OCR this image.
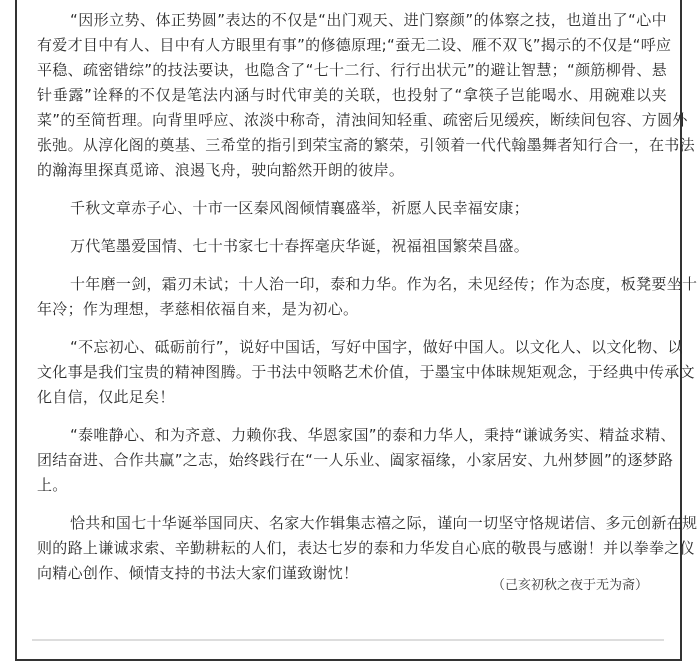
“因形立势、体正势圆”表达的不仅是“出门观天、进门察颜”的体察之技，也道出了“心中
有爱才目中有人、目中有人方眼里有事”的修德原理;“蚕无二设、雁不双飞”揭示的不仅是“呼应
平稳、疏密错综”的技法要诀，也隐含了“七十二行、行行出状元”的避让智慧；“颜筋柳骨、悬
针垂露”诠释的不仅是笔法内涵与时代审美的关联，也投射了“拿筷子岂能喝水、用碗难以夹
菜”的至简哲理。向背里呼应、浓淡中称奇，清浊间知轻重、疏密后见缓疾，断续间包容、方圆外
张弛。从淳化阁的奠基、三希堂的指引到荣宝斋的繁荣，引领着一代代翰墨舞者知行合一，在书法
的瀚海里探真觅谛、浪遏飞舟，驶向豁然开朗的彼岸。
千秋文章赤子心、十市一区秦风阁倾情襄盛举，祈愿人民幸福安康；
万代笔墨爱国情、七十书家七十春挥毫庆华诞，祝福祖国繁荣昌盛。
十年磨一剑，霜刃未试；十人治一印，泰和力华。作为名，未见经传；作为态度，板凳要坐十
年冷；作为理想，孝慈相依福自来，是为初心。
“不忘初心、砥砺前行”，说好中国话，写好中国字，做好中国人。以文化人、以文化物、以
文化事是我们宝贵的精神图腾。于书法中领略艺术价值，于墨宝中体昧规矩观念，于经典中传承文
化自信，仅此足矣！
“泰唯静心、和为齐意、力赖你我、华恩家国”的泰和力华人，秉持“谦诚务实、精益求精、
团结奋进、合作共赢”之志，始终践行在“一人乐业、阖家福缘，小家居安、九州梦圆”的逐梦路
上。
恰共和国七十华诞举国同庆、名家大作辑集志禧之际，谨向一切坚守恪规诺信、多元创新在规
则的路上谦诚求索、辛勤耕耘的人们，表达七岁的泰和力华发自心底的敬畏与感谢！并以拳拳之仪
向精心创作、倾情支持的书法大家们谨致谢忱！
（己亥初秋之夜于无为斋）
